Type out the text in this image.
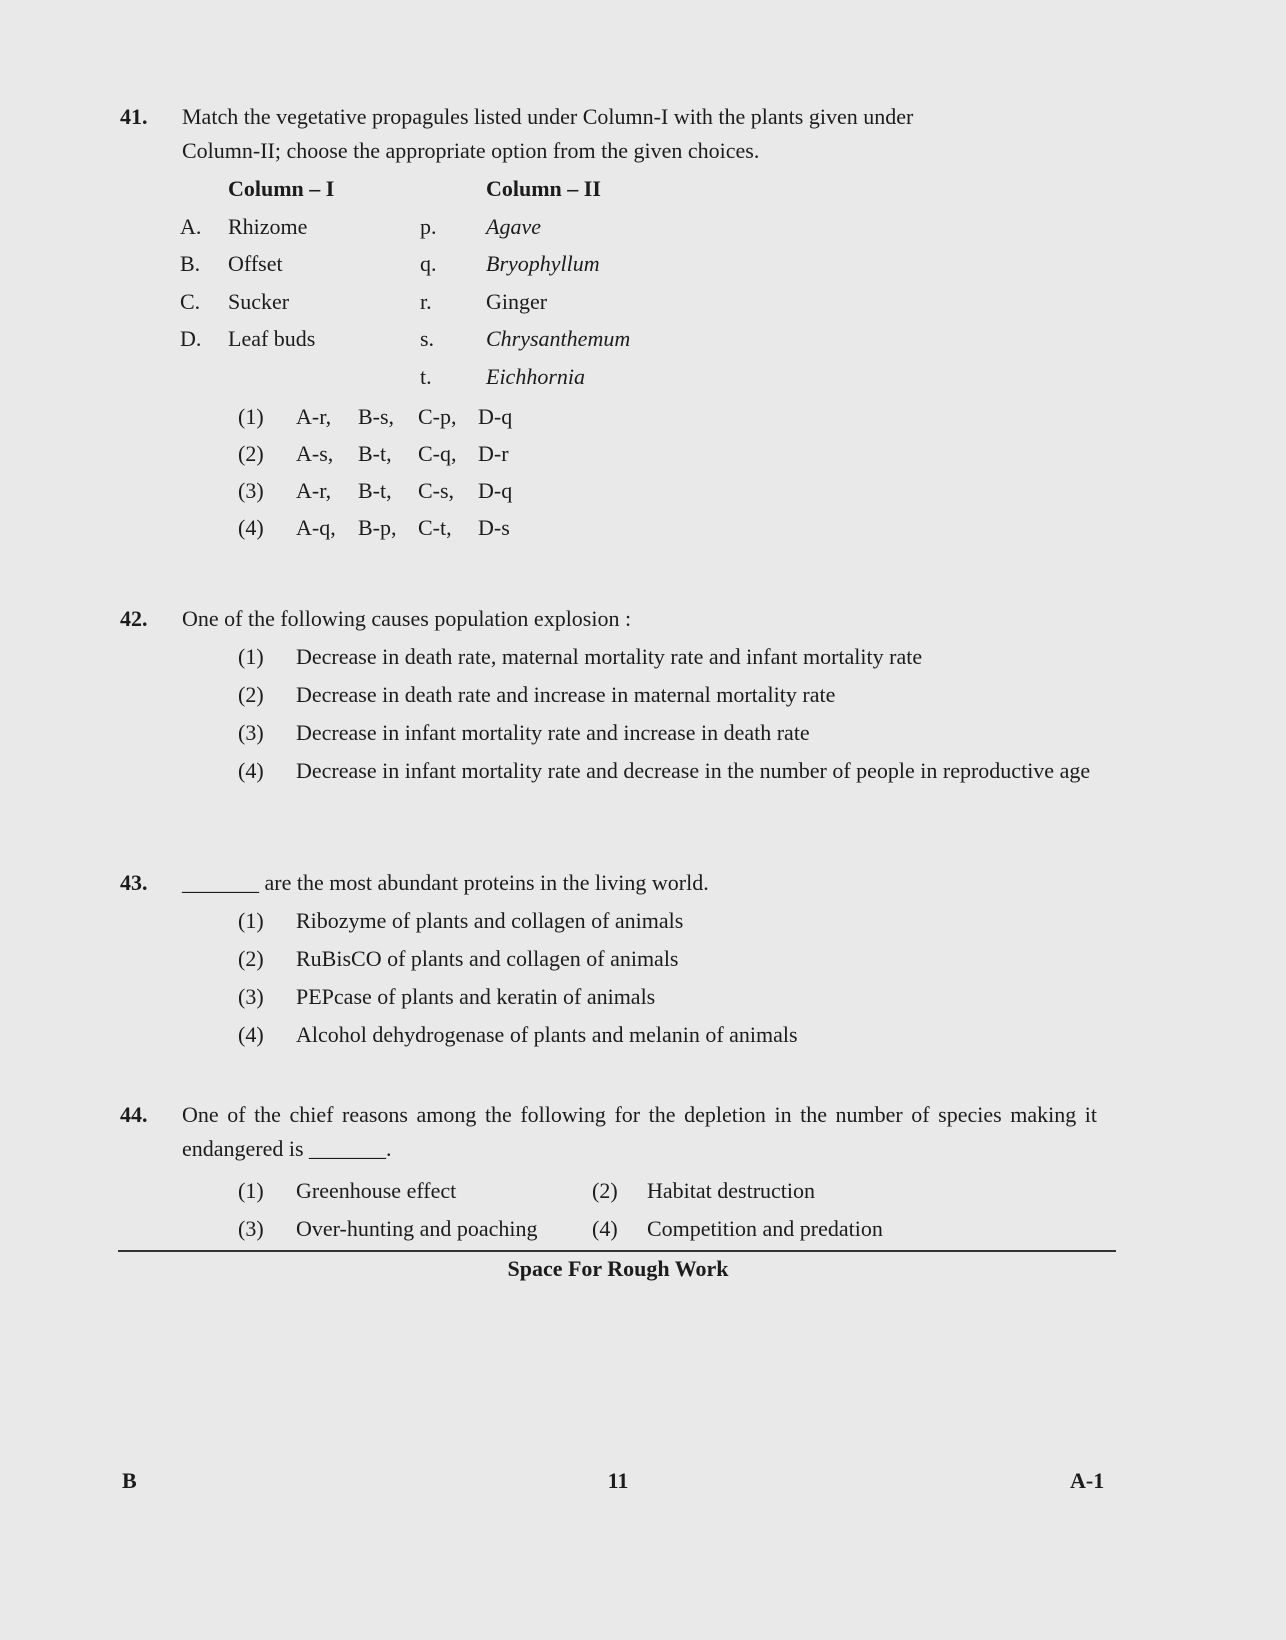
41.	Match the vegetative propagules listed under Column-I with the plants given under
Column-II; choose the appropriate option from the given choices.
Column – I	Column – II
A. Rhizome	p. Agave
B. Offset	q. Bryophyllum
C. Sucker	r. Ginger
D. Leaf buds	s. Chrysanthemum
t. Eichhornia
(1) A-r, B-s, C-p, D-q
(2) A-s, B-t, C-q, D-r
(3) A-r, B-t, C-s, D-q
(4) A-q, B-p, C-t, D-s
42.	One of the following causes population explosion :
(1)	Decrease in death rate, maternal mortality rate and infant mortality rate
(2)	Decrease in death rate and increase in maternal mortality rate
(3)	Decrease in infant mortality rate and increase in death rate
(4)	Decrease in infant mortality rate and decrease in the number of people in reproductive age
43.	_______ are the most abundant proteins in the living world.
(1)	Ribozyme of plants and collagen of animals
(2)	RuBisCO of plants and collagen of animals
(3)	PEPcase of plants and keratin of animals
(4)	Alcohol dehydrogenase of plants and melanin of animals
44.	One of the chief reasons among the following for the depletion in the number of species making it endangered is _______.
(1)	Greenhouse effect	(2)	Habitat destruction
(3)	Over-hunting and poaching	(4)	Competition and predation
Space For Rough Work
B	11	A-1
